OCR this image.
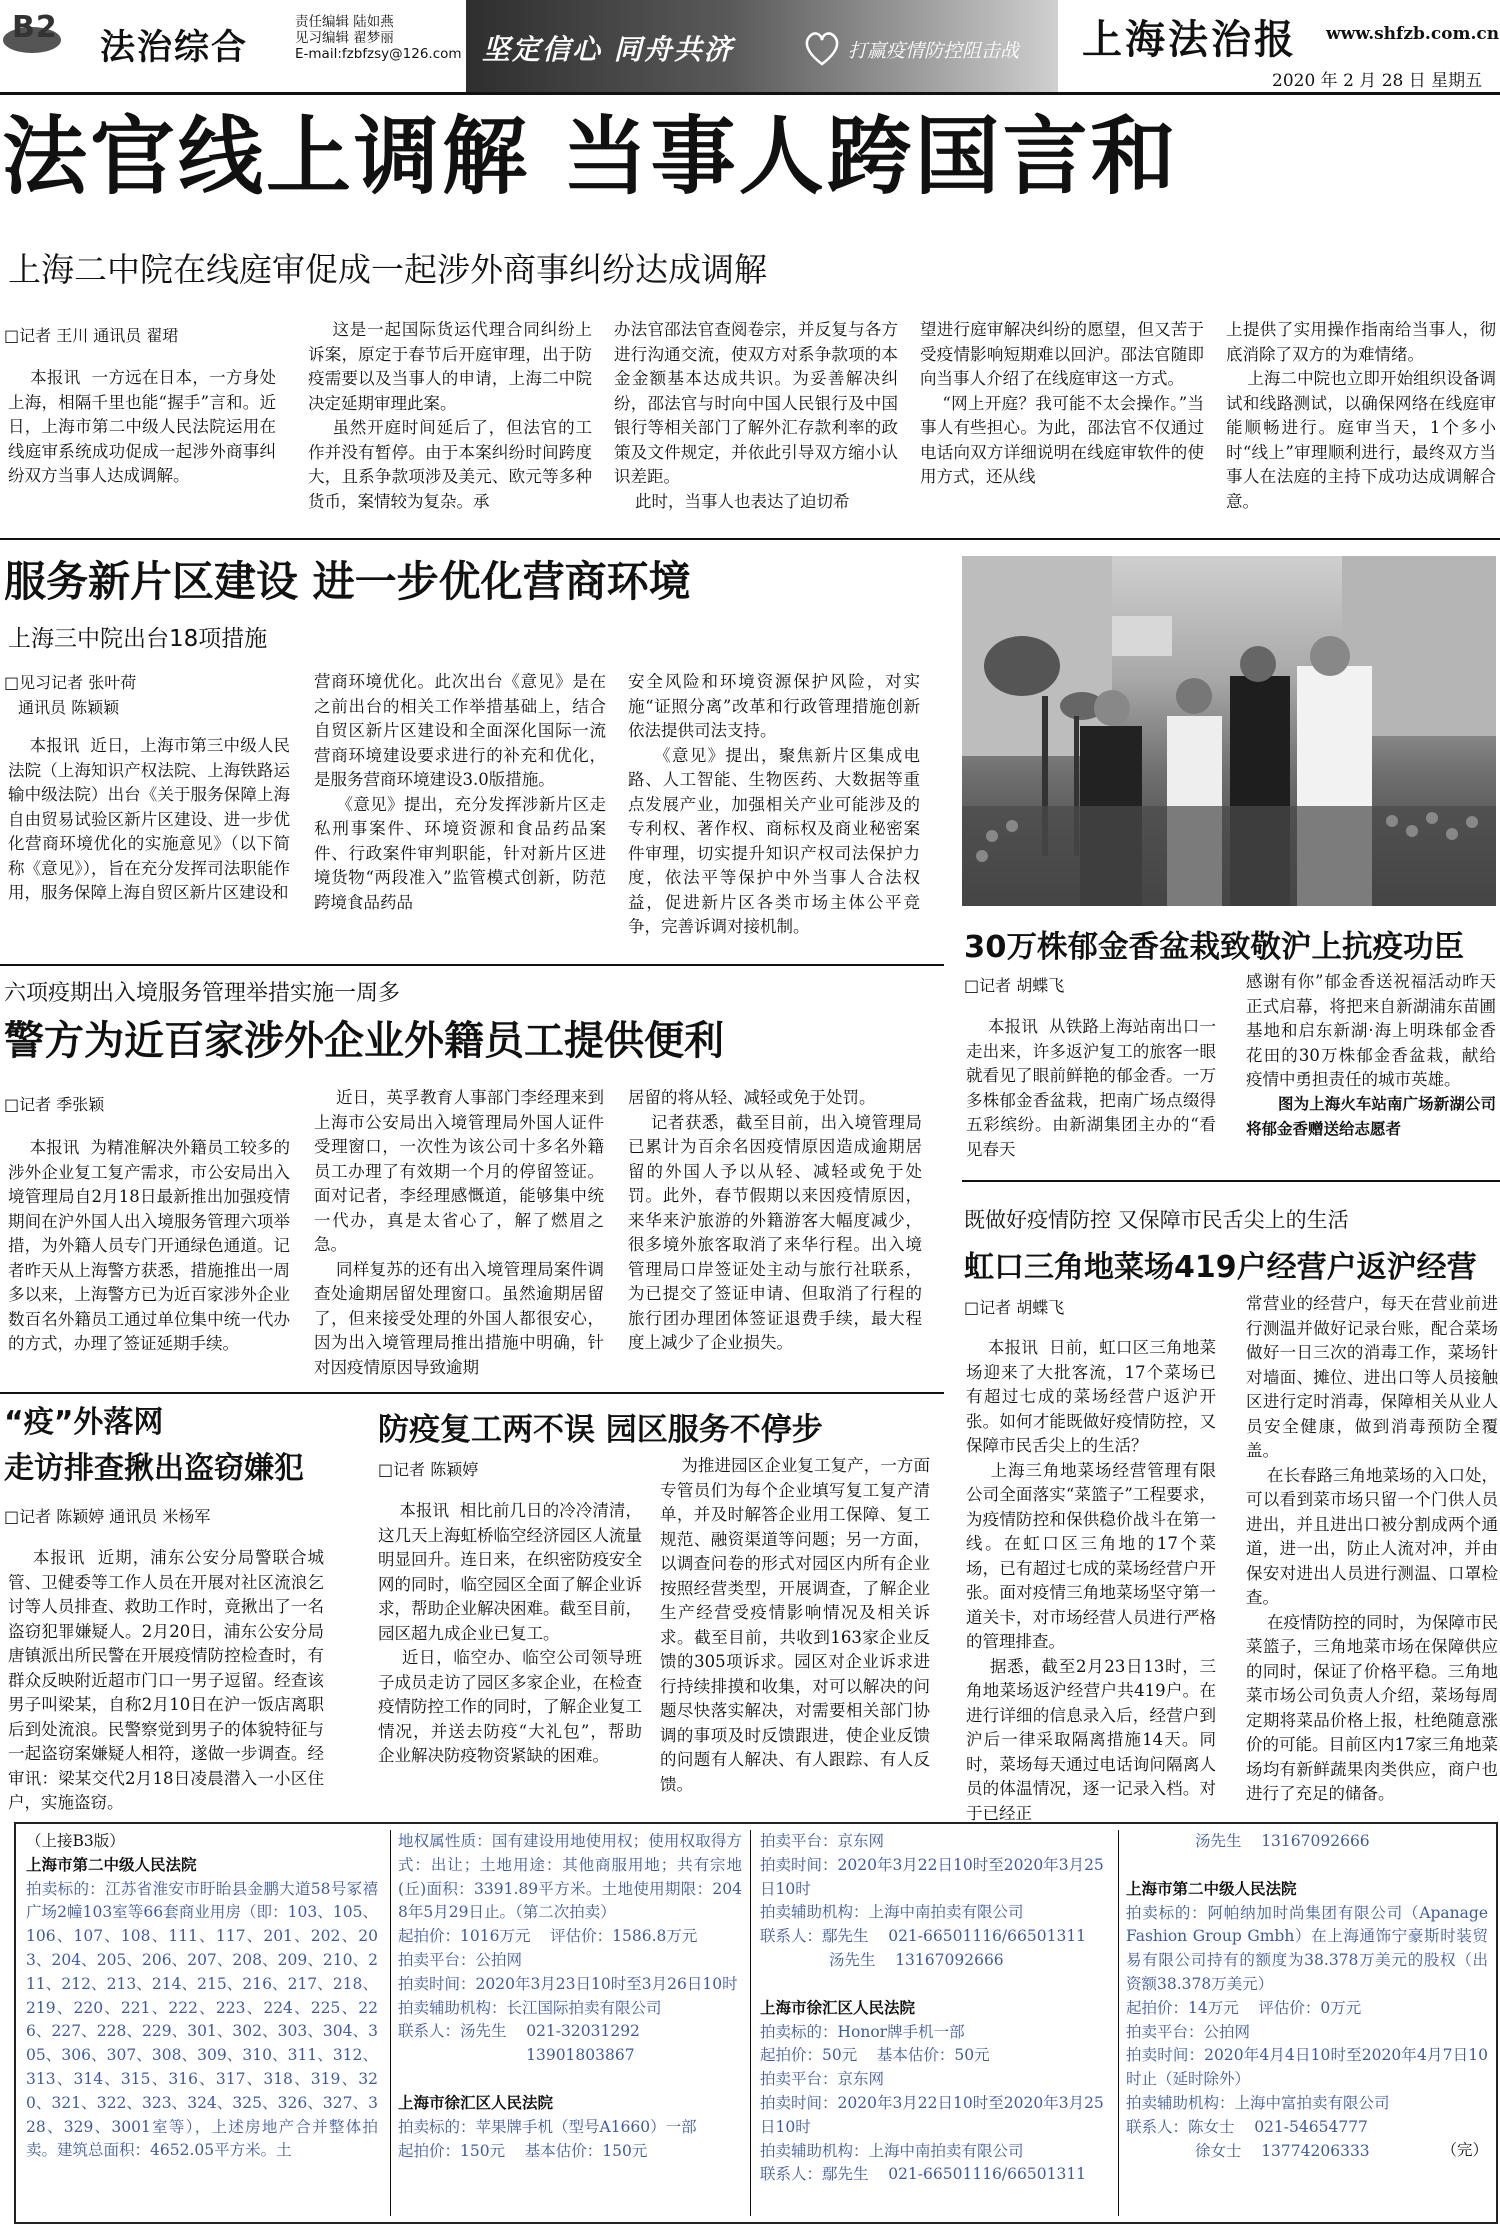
B2
法治综合
责任编辑 陆如燕
见习编辑 翟梦丽
E-mail:fzbfzsy@126.com 坚定信心 同舟共济	打赢疫情防控阻击战 上海法治报 www.shfzb.com.cn
2020 年 2 月 28 日 星期五
法官线上调解 当事人跨国言和
上海二中院在线庭审促成一起涉外商事纠纷达成调解
□记者 王川 通讯员 翟珺
本报讯  一方远在日本，一方身处上海，相隔千里也能“握手”言和。近日，上海市第二中级人民法院运用在线庭审系统成功促成一起涉外商事纠纷双方当事人达成调解。
这是一起国际货运代理合同纠纷上诉案，原定于春节后开庭审理，出于防疫需要以及当事人的申请，上海二中院决定延期审理此案。
虽然开庭时间延后了，但法官的工作并没有暂停。由于本案纠纷时间跨度大，且系争款项涉及美元、欧元等多种货币，案情较为复杂。承
办法官邵法官查阅卷宗，并反复与各方进行沟通交流，使双方对系争款项的本金金额基本达成共识。为妥善解决纠纷，邵法官与时向中国人民银行及中国银行等相关部门了解外汇存款利率的政策及文件规定，并依此引导双方缩小认识差距。
此时，当事人也表达了迫切希
望进行庭审解决纠纷的愿望，但又苦于受疫情影响短期难以回沪。邵法官随即向当事人介绍了在线庭审这一方式。
“网上开庭？我可能不太会操作。”当事人有些担心。为此，邵法官不仅通过电话向双方详细说明在线庭审软件的使用方式，还从线
上提供了实用操作指南给当事人，彻底消除了双方的为难情绪。
上海二中院也立即开始组织设备调试和线路测试，以确保网络在线庭审能顺畅进行。庭审当天，1个多小时“线上”审理顺利进行，最终双方当事人在法庭的主持下成功达成调解合意。
服务新片区建设 进一步优化营商环境
上海三中院出台18项措施
□见习记者 张叶荷
通讯员 陈颖颖
本报讯  近日，上海市第三中级人民法院（上海知识产权法院、上海铁路运输中级法院）出台《关于服务保障上海自由贸易试验区新片区建设、进一步优化营商环境优化的实施意见》（以下简称《意见》），旨在充分发挥司法职能作用，服务保障上海自贸区新片区建设和
营商环境优化。此次出台《意见》是在之前出台的相关工作举措基础上，结合自贸区新片区建设和全面深化国际一流营商环境建设要求进行的补充和优化，是服务营商环境建设3.0版措施。
《意见》提出，充分发挥涉新片区走私刑事案件、环境资源和食品药品案件、行政案件审判职能，针对新片区进境货物“两段准入”监管模式创新，防范跨境食品药品
安全风险和环境资源保护风险，对实施“证照分离”改革和行政管理措施创新依法提供司法支持。
《意见》提出，聚焦新片区集成电路、人工智能、生物医药、大数据等重点发展产业，加强相关产业可能涉及的专利权、著作权、商标权及商业秘密案件审理，切实提升知识产权司法保护力度，依法平等保护中外当事人合法权益，促进新片区各类市场主体公平竞争，完善诉调对接机制。
30万株郁金香盆栽致敬沪上抗疫功臣
□记者 胡蝶飞
本报讯  从铁路上海站南出口一走出来，许多返沪复工的旅客一眼就看见了眼前鲜艳的郁金香。一万多株郁金香盆栽，把南广场点缀得五彩缤纷。由新湖集团主办的“看见春天
感谢有你”郁金香送祝福活动昨天正式启幕，将把来自新湖浦东苗圃基地和启东新湖·海上明珠郁金香花田的30万株郁金香盆栽，献给疫情中勇担责任的城市英雄。
图为上海火车站南广场新湖公司将郁金香赠送给志愿者
六项疫期出入境服务管理举措实施一周多
警方为近百家涉外企业外籍员工提供便利
□记者 季张颖
本报讯  为精准解决外籍员工较多的涉外企业复工复产需求，市公安局出入境管理局自2月18日最新推出加强疫情期间在沪外国人出入境服务管理六项举措，为外籍人员专门开通绿色通道。记者昨天从上海警方获悉，措施推出一周多以来，上海警方已为近百家涉外企业数百名外籍员工通过单位集中统一代办的方式，办理了签证延期手续。
近日，英孚教育人事部门李经理来到上海市公安局出入境管理局外国人证件受理窗口，一次性为该公司十多名外籍员工办理了有效期一个月的停留签证。面对记者，李经理感慨道，能够集中统一代办，真是太省心了，解了燃眉之急。
同样复苏的还有出入境管理局案件调查处逾期居留处理窗口。虽然逾期居留了，但来接受处理的外国人都很安心，因为出入境管理局推出措施中明确，针对因疫情原因导致逾期
居留的将从轻、减轻或免于处罚。
记者获悉，截至目前，出入境管理局已累计为百余名因疫情原因造成逾期居留的外国人予以从轻、减轻或免于处罚。此外，春节假期以来因疫情原因，来华来沪旅游的外籍游客大幅度减少，很多境外旅客取消了来华行程。出入境管理局口岸签证处主动与旅行社联系，为已提交了签证申请、但取消了行程的旅行团办理团体签证退费手续，最大程度上减少了企业损失。
既做好疫情防控 又保障市民舌尖上的生活
虹口三角地菜场419户经营户返沪经营
□记者 胡蝶飞
本报讯  日前，虹口区三角地菜场迎来了大批客流，17个菜场已有超过七成的菜场经营户返沪开张。如何才能既做好疫情防控，又保障市民舌尖上的生活？
上海三角地菜场经营管理有限公司全面落实“菜篮子”工程要求，为疫情防控和保供稳价战斗在第一线。在虹口区三角地的17个菜场，已有超过七成的菜场经营户开张。面对疫情三角地菜场坚守第一道关卡，对市场经营人员进行严格的管理排查。
据悉，截至2月23日13时，三角地菜场返沪经营户共419户。在进行详细的信息录入后，经营户到沪后一律采取隔离措施14天。同时，菜场每天通过电话询问隔离人员的体温情况，逐一记录入档。对于已经正
常营业的经营户，每天在营业前进行测温并做好记录台账，配合菜场做好一日三次的消毒工作，菜场针对墙面、摊位、进出口等人员接触区进行定时消毒，保障相关从业人员安全健康，做到消毒预防全覆盖。
在长春路三角地菜场的入口处，可以看到菜市场只留一个门供人员进出，并且进出口被分割成两个通道，进一出，防止人流对冲，并由保安对进出人员进行测温、口罩检查。
在疫情防控的同时，为保障市民菜篮子，三角地菜市场在保障供应的同时，保证了价格平稳。三角地菜市场公司负责人介绍，菜场每周定期将菜品价格上报，杜绝随意涨价的可能。目前区内17家三角地菜场均有新鲜蔬果肉类供应，商户也进行了充足的储备。
“疫”外落网
走访排查揪出盗窃嫌犯
□记者 陈颖婷 通讯员 米杨军
本报讯  近期，浦东公安分局警联合城管、卫健委等工作人员在开展对社区流浪乞讨等人员排查、救助工作时，竟揪出了一名盗窃犯罪嫌疑人。2月20日，浦东公安分局唐镇派出所民警在开展疫情防控检查时，有群众反映附近超市门口一男子逗留。经查该男子叫梁某，自称2月10日在沪一饭店离职后到处流浪。民警察觉到男子的体貌特征与一起盗窃案嫌疑人相符，遂做一步调查。经审讯：梁某交代2月18日凌晨潜入一小区住户，实施盗窃。
防疫复工两不误 园区服务不停步
□记者 陈颖婷
本报讯  相比前几日的冷冷清清，这几天上海虹桥临空经济园区人流量明显回升。连日来，在织密防疫安全网的同时，临空园区全面了解企业诉求，帮助企业解决困难。截至目前，园区超九成企业已复工。
近日，临空办、临空公司领导班子成员走访了园区多家企业，在检查疫情防控工作的同时，了解企业复工情况，并送去防疫“大礼包”，帮助企业解决防疫物资紧缺的困难。
为推进园区企业复工复产，一方面专管员们为每个企业填写复工复产清单，并及时解答企业用工保障、复工规范、融资渠道等问题；另一方面，以调查问卷的形式对园区内所有企业按照经营类型，开展调查，了解企业生产经营受疫情影响情况及相关诉求。截至目前，共收到163家企业反馈的305项诉求。园区对企业诉求进行持续排摸和收集，对可以解决的问题尽快落实解决，对需要相关部门协调的事项及时反馈跟进，使企业反馈的问题有人解决、有人跟踪、有人反馈。
（上接B3版）
上海市第二中级人民法院
拍卖标的：江苏省淮安市盱眙县金鹏大道58号冢禧广场2幢103室等66套商业用房（即：103、105、106、107、108、111、117、201、202、203、204、205、206、207、208、209、210、211、212、213、214、215、216、217、218、219、220、221、222、223、224、225、226、227、228、229、301、302、303、304、305、306、307、308、309、310、311、312、313、314、315、316、317、318、319、320、321、322、323、324、325、326、327、328、329、3001室等），上述房地产合并整体拍卖。建筑总面积：4652.05平方米。土
地权属性质：国有建设用地使用权；使用权取得方式：出让；土地用途：其他商服用地；共有宗地(丘)面积：3391.89平方米。土地使用期限：2048年5月29日止。（第二次拍卖）
起拍价：1016万元    评估价：1586.8万元
拍卖平台：公拍网
拍卖时间：2020年3月23日10时至3月26日10时
拍卖辅助机构：长江国际拍卖有限公司
联系人：汤先生    021-32031292
13901803867
上海市徐汇区人民法院
拍卖标的：苹果牌手机（型号A1660）一部
起拍价：150元    基本估价：150元
拍卖平台：京东网
拍卖时间：2020年3月22日10时至2020年3月25日10时
拍卖辅助机构：上海中南拍卖有限公司
联系人：鄢先生    021-66501116/66501311
汤先生    13167092666
上海市徐汇区人民法院
拍卖标的：Honor牌手机一部
起拍价：50元    基本估价：50元
拍卖平台：京东网
拍卖时间：2020年3月22日10时至2020年3月25日10时
拍卖辅助机构：上海中南拍卖有限公司
联系人：鄢先生    021-66501116/66501311
汤先生    13167092666
上海市第二中级人民法院
拍卖标的：阿帕纳加时尚集团有限公司（Apanage Fashion Group Gmbh）在上海通饰宁豪斯时装贸易有限公司持有的额度为38.378万美元的股权（出资额38.378万美元）
起拍价：14万元    评估价：0万元
拍卖平台：公拍网
拍卖时间：2020年4月4日10时至2020年4月7日10时止（延时除外）
拍卖辅助机构：上海中富拍卖有限公司
联系人：陈女士    021-54654777
徐女士    13774206333	（完）
